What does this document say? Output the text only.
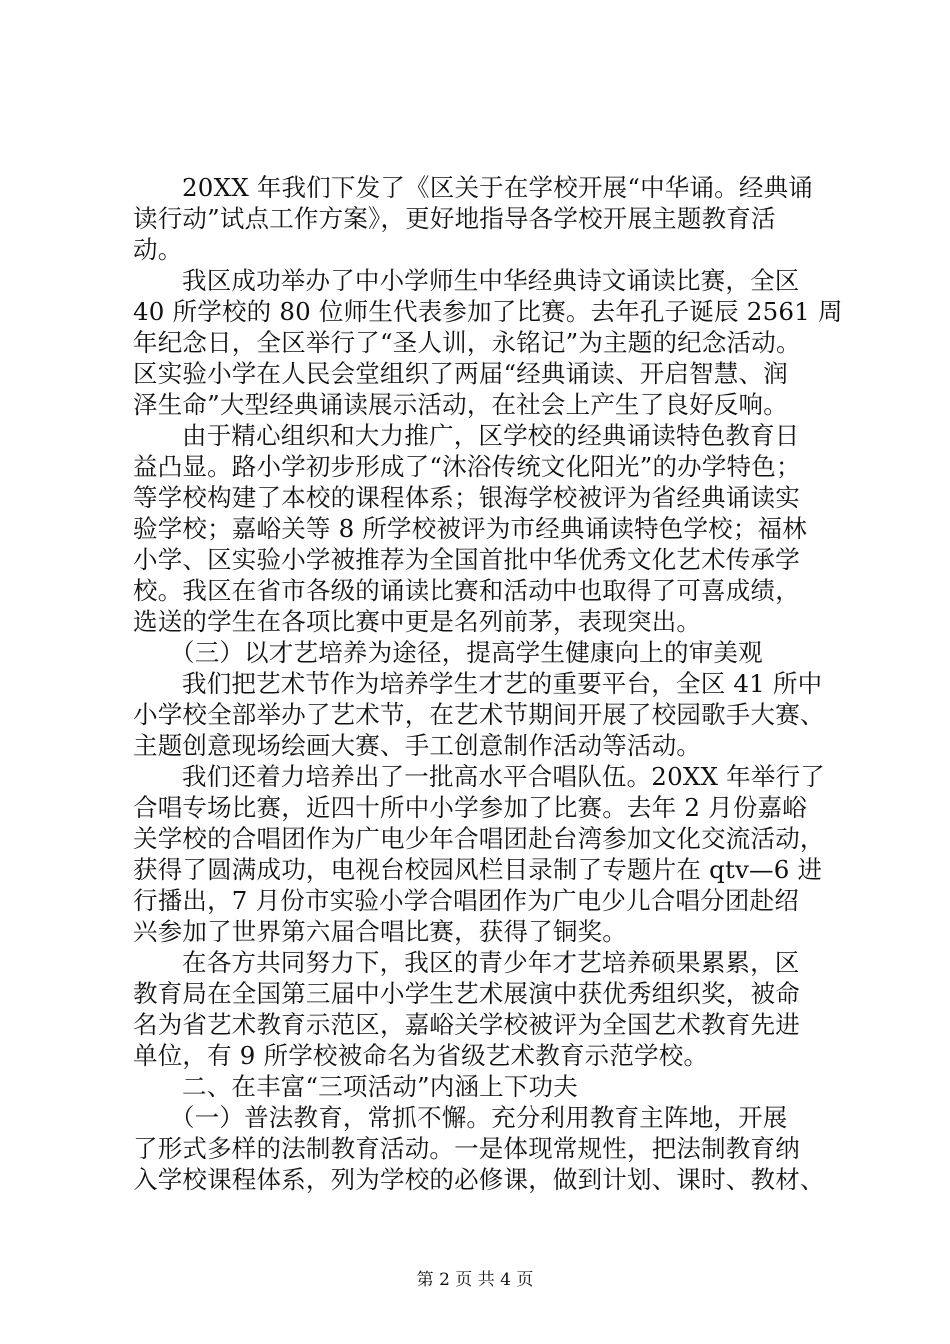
20XX 年我们下发了《区关于在学校开展“中华诵。经典诵
读行动”试点工作方案》，更好地指导各学校开展主题教育活
动。
我区成功举办了中小学师生中华经典诗文诵读比赛，全区
40 所学校的 80 位师生代表参加了比赛。去年孔子诞辰 2561 周
年纪念日，全区举行了“圣人训，永铭记”为主题的纪念活动。
区实验小学在人民会堂组织了两届“经典诵读、开启智慧、润
泽生命”大型经典诵读展示活动，在社会上产生了良好反响。
由于精心组织和大力推广，区学校的经典诵读特色教育日
益凸显。路小学初步形成了“沐浴传统文化阳光”的办学特色；
等学校构建了本校的课程体系；银海学校被评为省经典诵读实
验学校；嘉峪关等 8 所学校被评为市经典诵读特色学校；福林
小学、区实验小学被推荐为全国首批中华优秀文化艺术传承学
校。我区在省市各级的诵读比赛和活动中也取得了可喜成绩，
选送的学生在各项比赛中更是名列前茅，表现突出。
（三）以才艺培养为途径，提高学生健康向上的审美观
我们把艺术节作为培养学生才艺的重要平台，全区 41 所中
小学校全部举办了艺术节，在艺术节期间开展了校园歌手大赛、
主题创意现场绘画大赛、手工创意制作活动等活动。
我们还着力培养出了一批高水平合唱队伍。20XX 年举行了
合唱专场比赛，近四十所中小学参加了比赛。去年 2 月份嘉峪
关学校的合唱团作为广电少年合唱团赴台湾参加文化交流活动，
获得了圆满成功，电视台校园风栏目录制了专题片在 qtv—6 进
行播出，7 月份市实验小学合唱团作为广电少儿合唱分团赴绍
兴参加了世界第六届合唱比赛，获得了铜奖。
在各方共同努力下，我区的青少年才艺培养硕果累累，区
教育局在全国第三届中小学生艺术展演中获优秀组织奖，被命
名为省艺术教育示范区，嘉峪关学校被评为全国艺术教育先进
单位，有 9 所学校被命名为省级艺术教育示范学校。
二、在丰富“三项活动”内涵上下功夫
（一）普法教育，常抓不懈。充分利用教育主阵地，开展
了形式多样的法制教育活动。一是体现常规性，把法制教育纳
入学校课程体系，列为学校的必修课，做到计划、课时、教材、
第 2 页 共 4 页
